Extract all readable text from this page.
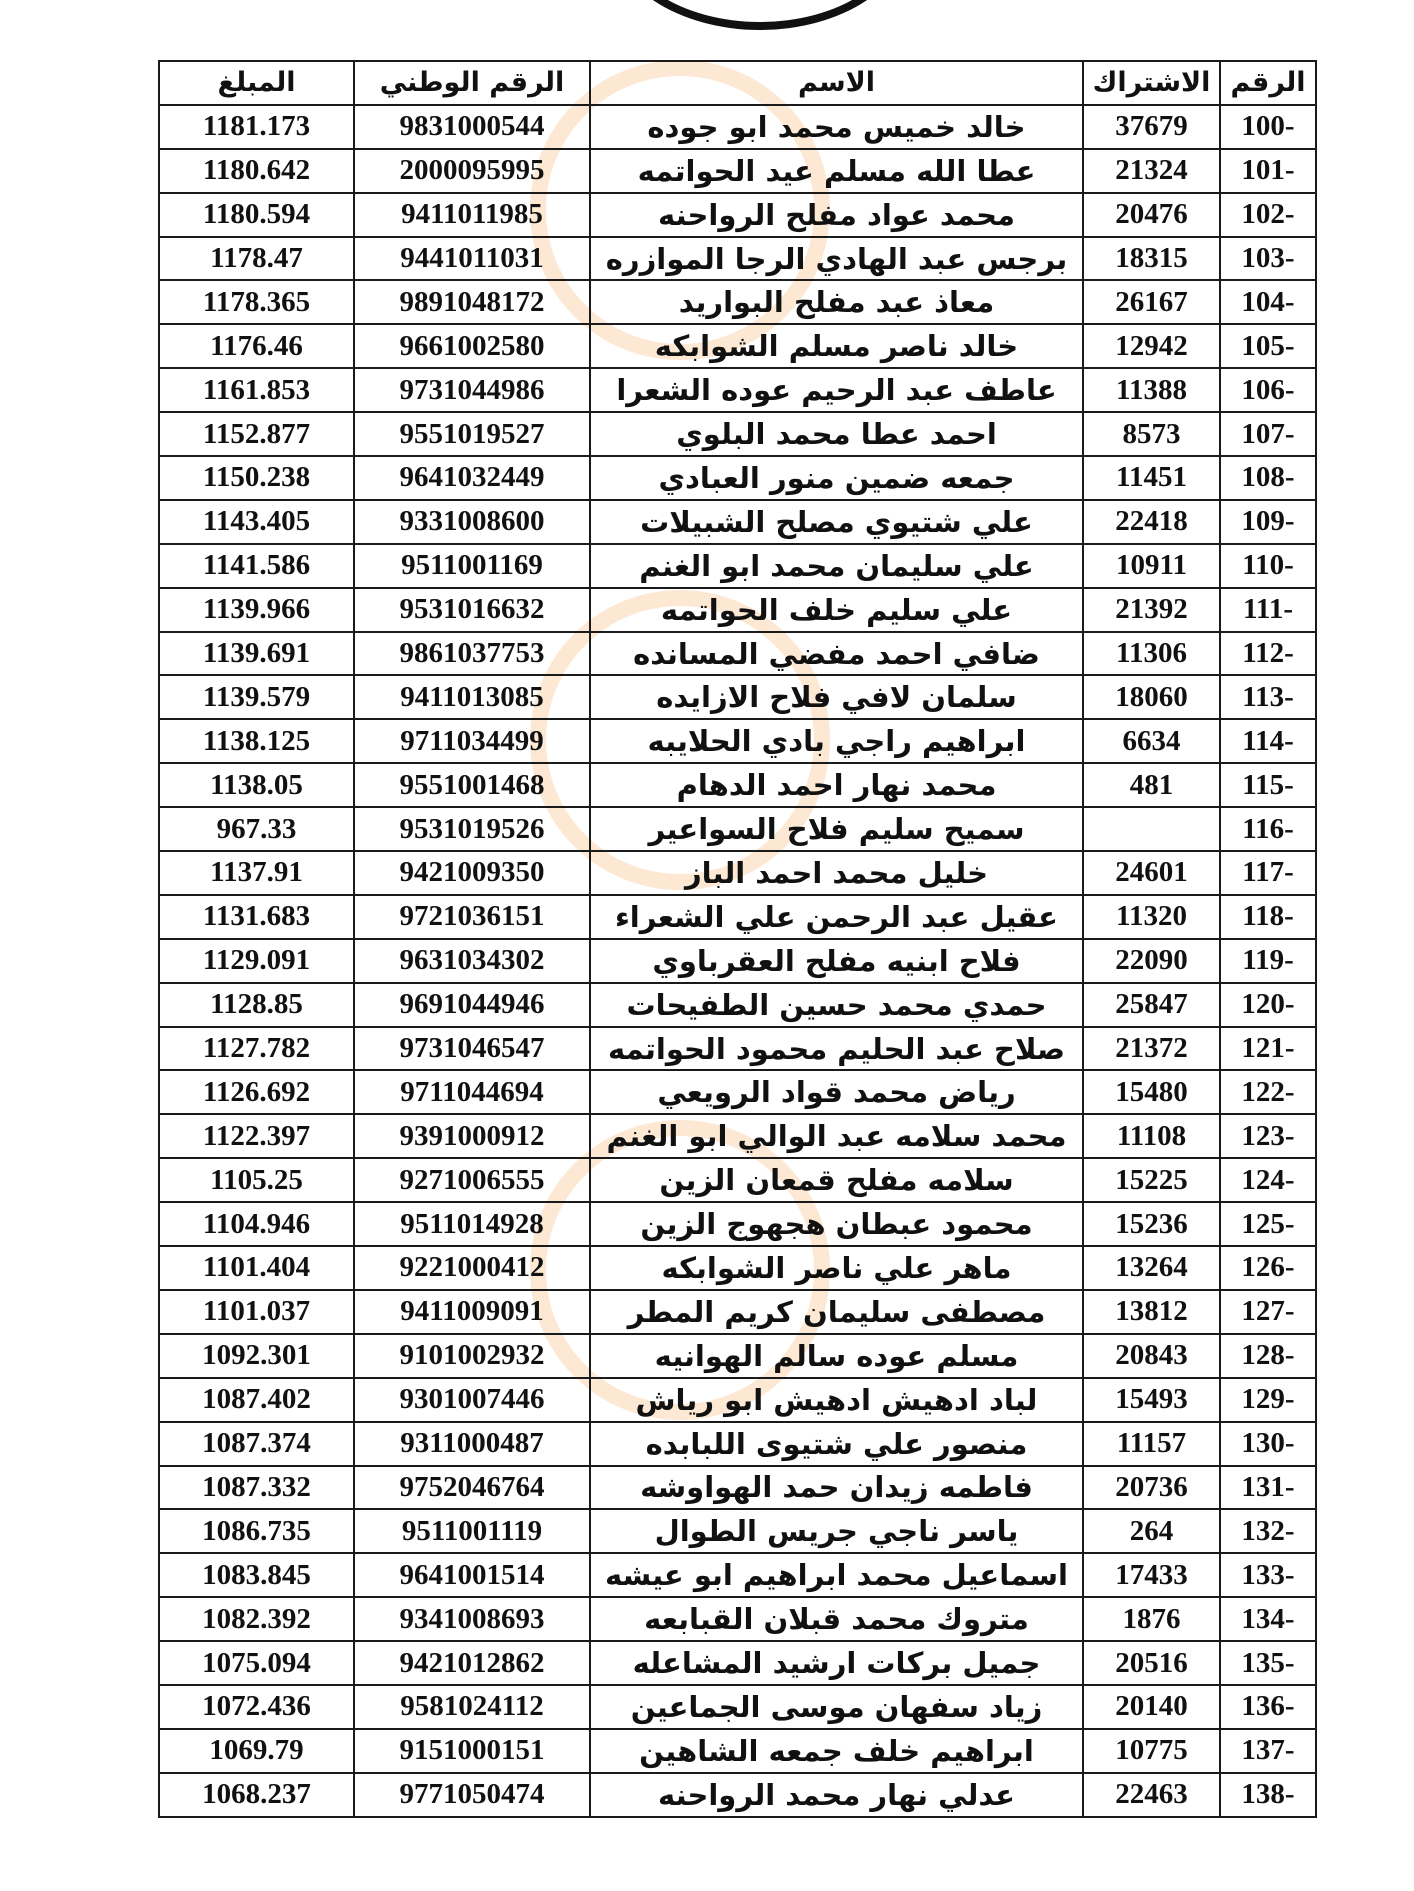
الرقم	الاشتراك	الاسم	الرقم الوطني	المبلغ
100-	37679	خالد خميس محمد ابو جوده	9831000544	1181.173
101-	21324	عطا الله مسلم عيد الحواتمه	2000095995	1180.642
102-	20476	محمد عواد مفلح الرواحنه	9411011985	1180.594
103-	18315	برجس عبد الهادي الرجا الموازره	9441011031	1178.47
104-	26167	معاذ عبد مفلح البواريد	9891048172	1178.365
105-	12942	خالد ناصر مسلم الشوابكه	9661002580	1176.46
106-	11388	عاطف عبد الرحيم عوده الشعرا	9731044986	1161.853
107-	8573	احمد عطا محمد البلوي	9551019527	1152.877
108-	11451	جمعه ضمين منور العبادي	9641032449	1150.238
109-	22418	علي شتيوي مصلح الشبيلات	9331008600	1143.405
110-	10911	علي سليمان محمد ابو الغنم	9511001169	1141.586
111-	21392	علي سليم خلف الحواتمه	9531016632	1139.966
112-	11306	ضافي احمد مفضي المسانده	9861037753	1139.691
113-	18060	سلمان لافي فلاح الازايده	9411013085	1139.579
114-	6634	ابراهيم راجي بادي الحلايبه	9711034499	1138.125
115-	481	محمد نهار احمد الدهام	9551001468	1138.05
116-		سميح سليم فلاح السواعير	9531019526	967.33
117-	24601	خليل محمد احمد الباز	9421009350	1137.91
118-	11320	عقيل عبد الرحمن علي الشعراء	9721036151	1131.683
119-	22090	فلاح ابنيه مفلح العقرباوي	9631034302	1129.091
120-	25847	حمدي محمد حسين الطفيحات	9691044946	1128.85
121-	21372	صلاح عبد الحليم محمود الحواتمه	9731046547	1127.782
122-	15480	رياض محمد قواد الرويعي	9711044694	1126.692
123-	11108	محمد سلامه عبد الوالي ابو الغنم	9391000912	1122.397
124-	15225	سلامه مفلح قمعان الزين	9271006555	1105.25
125-	15236	محمود عبطان هجهوج الزين	9511014928	1104.946
126-	13264	ماهر علي ناصر الشوابكه	9221000412	1101.404
127-	13812	مصطفى سليمان كريم المطر	9411009091	1101.037
128-	20843	مسلم عوده سالم الهوانيه	9101002932	1092.301
129-	15493	لباد ادهيش ادهيش ابو رياش	9301007446	1087.402
130-	11157	منصور علي شتيوى اللبابده	9311000487	1087.374
131-	20736	فاطمه زيدان حمد الهواوشه	9752046764	1087.332
132-	264	ياسر ناجي جريس الطوال	9511001119	1086.735
133-	17433	اسماعيل محمد ابراهيم ابو عيشه	9641001514	1083.845
134-	1876	متروك محمد قبلان القبابعه	9341008693	1082.392
135-	20516	جميل بركات ارشيد المشاعله	9421012862	1075.094
136-	20140	زياد سفهان موسى الجماعين	9581024112	1072.436
137-	10775	ابراهيم خلف جمعه الشاهين	9151000151	1069.79
138-	22463	عدلي نهار محمد الرواحنه	9771050474	1068.237
